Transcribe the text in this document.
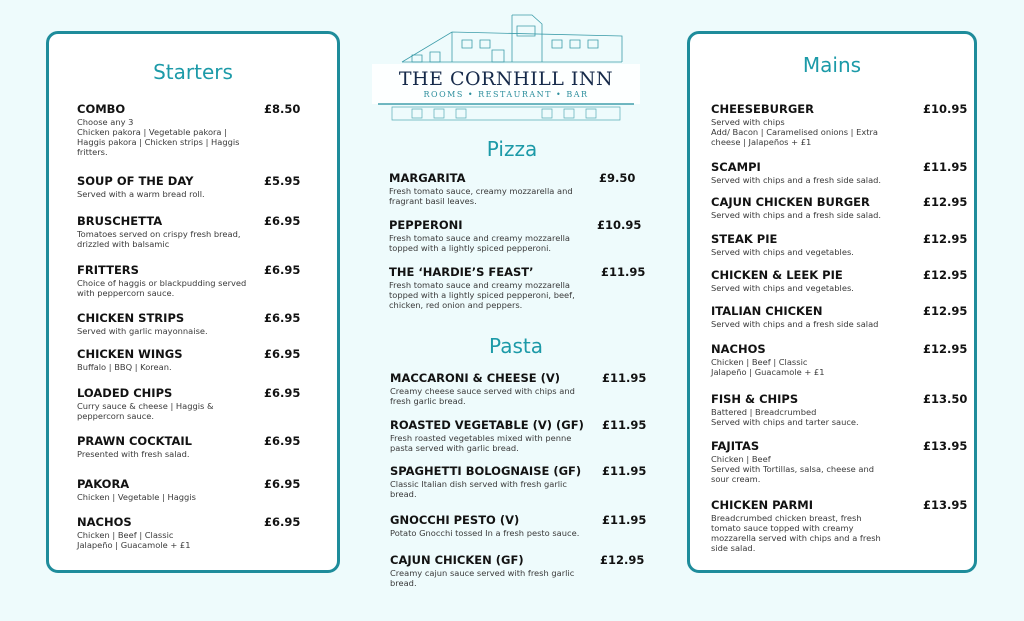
Starters
COMBO	£8.50
Choose any 3
Chicken pakora | Vegetable pakora |
Haggis pakora | Chicken strips | Haggis
fritters.
SOUP OF THE DAY	£5.95
Served with a warm bread roll.
BRUSCHETTA	£6.95
Tomatoes served on crispy fresh bread,
drizzled with balsamic
FRITTERS	£6.95
Choice of haggis or blackpudding served
with peppercorn sauce.
CHICKEN STRIPS	£6.95
Served with garlic mayonnaise.
CHICKEN WINGS	£6.95
Buffalo | BBQ | Korean.
LOADED CHIPS	£6.95
Curry sauce & cheese | Haggis &
peppercorn sauce.
PRAWN COCKTAIL	£6.95
Presented with fresh salad.
PAKORA	£6.95
Chicken | Vegetable | Haggis
NACHOS	£6.95
Chicken | Beef | Classic
Jalapeño | Guacamole + £1
THE CORNHILL INN
ROOMS • RESTAURANT • BAR
Pizza
MARGARITA	£9.50
Fresh tomato sauce, creamy mozzarella and
fragrant basil leaves.
PEPPERONI	£10.95
Fresh tomato sauce and creamy mozzarella
topped with a lightly spiced pepperoni.
THE ‘HARDIE’S FEAST’	£11.95
Fresh tomato sauce and creamy mozzarella
topped with a lightly spiced pepperoni, beef,
chicken, red onion and peppers.
Pasta
MACCARONI & CHEESE (V)	£11.95
Creamy cheese sauce served with chips and
fresh garlic bread.
ROASTED VEGETABLE (V) (GF) £11.95
Fresh roasted vegetables mixed with penne
pasta served with garlic bread.
SPAGHETTI BOLOGNAISE (GF) £11.95
Classic Italian dish served with fresh garlic
bread.
GNOCCHI PESTO (V)	£11.95
Potato Gnocchi tossed In a fresh pesto sauce.
CAJUN CHICKEN (GF)	£12.95
Creamy cajun sauce served with fresh garlic
bread.
Mains
CHEESEBURGER	£10.95
Served with chips
Add/ Bacon | Caramelised onions | Extra
cheese | Jalapeños + £1
SCAMPI	£11.95
Served with chips and a fresh side salad.
CAJUN CHICKEN BURGER	£12.95
Served with chips and a fresh side salad.
STEAK PIE	£12.95
Served with chips and vegetables.
CHICKEN & LEEK PIE	£12.95
Served with chips and vegetables.
ITALIAN CHICKEN	£12.95
Served with chips and a fresh side salad
NACHOS	£12.95
Chicken | Beef | Classic
Jalapeño | Guacamole + £1
FISH & CHIPS	£13.50
Battered | Breadcrumbed
Served with chips and tarter sauce.
FAJITAS	£13.95
Chicken | Beef
Served with Tortillas, salsa, cheese and
sour cream.
CHICKEN PARMI	£13.95
Breadcrumbed chicken breast, fresh
tomato sauce topped with creamy
mozzarella served with chips and a fresh
side salad.
